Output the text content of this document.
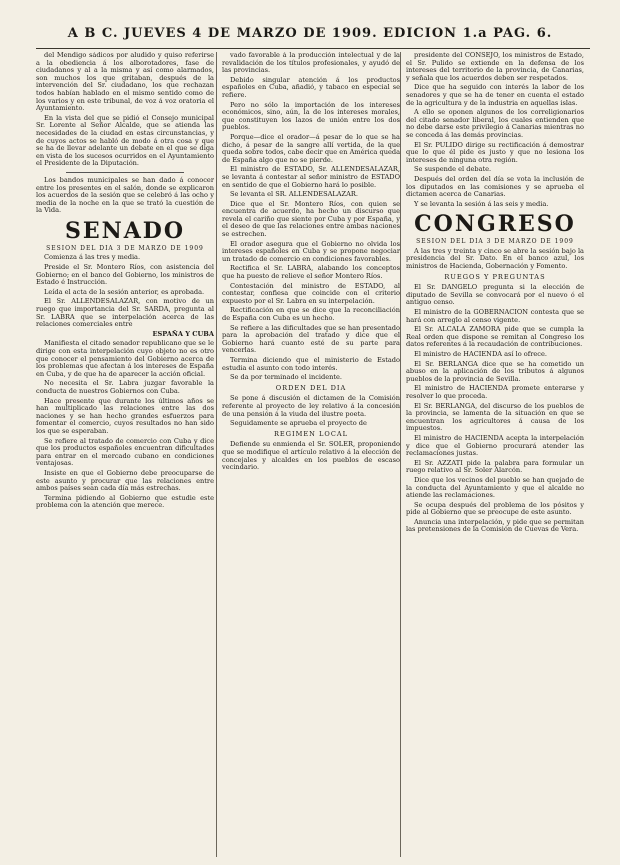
A B C. JUEVES 4 DE MARZO DE 1909. EDICION 1.a PAG. 6.

del Mendigo sádicos por aludido y quiso referirse a la obediencia á los alborotadores, fase de ciudadanos y al a la misma y así como alarmados, son muchos los que gritaban, después de la intervención del Sr. ciudadano, los que rechazan todos habían hablado en el mismo sentido como de los varios y en este tribunal, de voz á voz oratoria el Ayuntamiento.

En la vista del que se pidió el Consejo municipal Sr. Lorente al Señor Alcalde, que se atienda las necesidades de la ciudad en estas circunstancias, y de cuyos actos se habló de modo á otra cosa y que se ha de llevar adelante un debate en el que se diga en vista de los sucesos ocurridos en el Ayuntamiento el Presidente de la Diputación.

Los bandos municipales se han dado á conocer entre los presentes en el salón, donde se explicaron los acuerdos de la sesión que se celebró á las ocho y media de la noche en la que se trató la cuestión de la Vida.

SENADO
SESION DEL DIA 3 DE MARZO DE 1909

Comienza á las tres y media.

Preside el Sr. Montero Ríos, con asistencia del Gobierno; en el banco del Gobierno, los ministros de Estado é Instrucción.

Leída el acta de la sesión anterior, es aprobada.

El Sr. ALLENDESALAZAR, con motivo de un ruego que importancia del Sr. SARDA, pregunta al Sr. LABRA que se interpelación acerca de las relaciones comerciales entre

ESPAÑA Y CUBA

Manifiesta el citado senador republicano que se le dirige con esta interpelación cuyo objeto no es otro que conocer el pensamiento del Gobierno acerca de los problemas que afectan á los intereses de España en Cuba, y de que ha de aparecer la acción oficial.

No necesita el Sr. Labra juzgar favorable la conducta de nuestros Gobiernos con Cuba.

Hace presente que durante los últimos años se han multiplicado las relaciones entre las dos naciones y se han hecho grandes esfuerzos para fomentar el comercio, cuyos resultados no han sido los que se esperaban.

Se refiere al tratado de comercio con Cuba y dice que los productos españoles encuentran dificultades para entrar en el mercado cubano en condiciones ventajosas.

Insiste en que el Gobierno debe preocuparse de este asunto y procurar que las relaciones entre ambos países sean cada día más estrechas.

Termina pidiendo al Gobierno que estudie este problema con la atención que merece.

vado favorable á la producción intelectual y de la revalidación de los títulos profesionales, y ayudó de las provincias.

Debido singular atención á los productos españoles en Cuba, añadió, y tabaco en especial se refiere.

Pero no sólo la importación de los intereses económicos, sino, aún, la de los intereses morales, que constituyen los lazos de unión entre los dos pueblos.

Porque—dice el orador—á pesar de lo que se ha dicho, á pesar de la sangre allí vertida, de la que queda sobre todos, cabe decir que en América queda de España algo que no se pierde.

El ministro de ESTADO, Sr. ALLENDESALAZAR, se levanta á contestar al señor ministro de ESTADO en sentido de que el Gobierno hará lo posible.

Se levanta el SR. ALLENDESALAZAR.

Dice que el Sr. Montero Ríos, con quien se encuentra de acuerdo, ha hecho un discurso que revela el cariño que siente por Cuba y por España, y el deseo de que las relaciones entre ambas naciones se estrechen.

El orador asegura que el Gobierno no olvida los intereses españoles en Cuba y se propone negociar un tratado de comercio en condiciones favorables.

Rectifica el Sr. LABRA, alabando los conceptos que ha puesto de relieve el señor Montero Ríos.

Contestación del ministro de ESTADO, al contestar, confiesa que coincide con el criterio expuesto por el Sr. Labra en su interpelación.

Rectificación en que se dice que la reconciliación de España con Cuba es un hecho.

Se refiere a las dificultades que se han presentado para la aprobación del tratado y dice que el Gobierno hará cuanto esté de su parte para vencerlas.

Termina diciendo que el ministerio de Estado estudia el asunto con todo interés.

Se da por terminado el incidente.

ORDEN DEL DIA

Se pone á discusión el dictamen de la Comisión referente al proyecto de ley relativo á la concesión de una pensión á la viuda del ilustre poeta.

Seguidamente se aprueba el proyecto de

REGIMEN LOCAL

Defiende su enmienda el Sr. SOLER, proponiendo que se modifique el artículo relativo á la elección de concejales y alcaldes en los pueblos de escaso vecindario.

presidente del CONSEJO, los ministros de Estado, el Sr. Pulido se extiende en la defensa de los intereses del territorio de la provincia, de Canarias, y señala que los acuerdos deben ser respetados.

Dice que ha seguido con interés la labor de los senadores y que se ha de tener en cuenta el estado de la agricultura y de la industria en aquellas islas.

A ello se oponen algunos de los correligionarios del citado senador liberal, los cuales entienden que no debe darse este privilegio á Canarias mientras no se conceda á las demás provincias.

El Sr. PULIDO dirige su rectificación á demostrar que lo que él pide es justo y que no lesiona los intereses de ninguna otra región.

Se suspende el debate.

Después del orden del día se vota la inclusión de los diputados en las comisiones y se aprueba el dictamen acerca de Canarias.

Y se levanta la sesión á las seis y media.

CONGRESO
SESION DEL DIA 3 DE MARZO DE 1909

A las tres y treinta y cinco se abre la sesión bajo la presidencia del Sr. Dato. En el banco azul, los ministros de Hacienda, Gobernación y Fomento.

RUEGOS Y PREGUNTAS

El Sr. DANGELO pregunta si la elección de diputado de Sevilla se convocará por el nuevo ó el antiguo censo.

El ministro de la GOBERNACION contesta que se hará con arreglo al censo vigente.

El Sr. ALCALA ZAMORA pide que se cumpla la Real orden que dispone se remitan al Congreso los datos referentes á la recaudación de contribuciones.

El ministro de HACIENDA así lo ofrece.

El Sr. BERLANGA dice que se ha cometido un abuso en la aplicación de los tributos á algunos pueblos de la provincia de Sevilla.

El ministro de HACIENDA promete enterarse y resolver lo que proceda.

El Sr. BERLANGA, del discurso de los pueblos de la provincia, se lamenta de la situación en que se encuentran los agricultores á causa de los impuestos.

El ministro de HACIENDA acepta la interpelación y dice que el Gobierno procurará atender las reclamaciones justas.

El Sr. AZZATI pide la palabra para formular un ruego relativo al Sr. Soler Alarcón.

Dice que los vecinos del pueblo se han quejado de la conducta del Ayuntamiento y que el alcalde no atiende las reclamaciones.

Se ocupa después del problema de los pósitos y pide al Gobierno que se preocupe de este asunto.

Anuncia una interpelación, y pide que se permitan las pretensiones de la Comisión de Cuevas de Vera.
